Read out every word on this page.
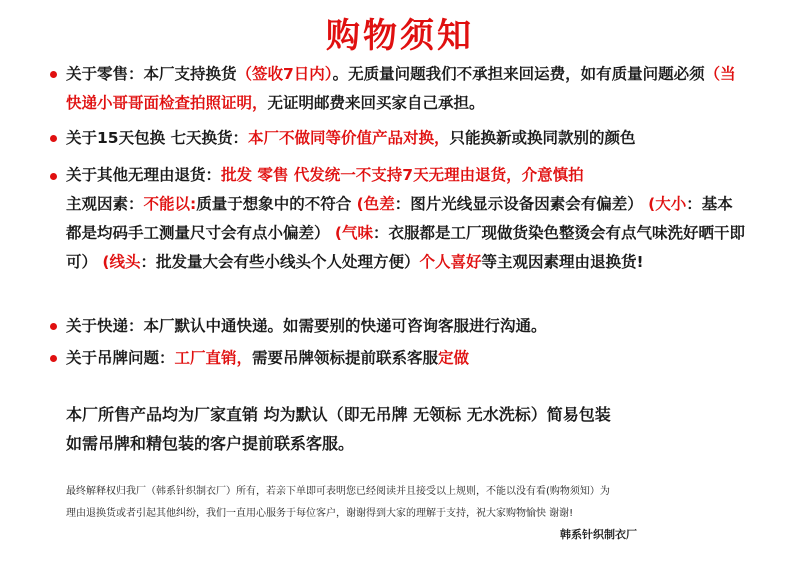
购物须知
关于零售：本厂支持换货（签收7日内）。无质量问题我们不承担来回运费，如有质量问题必须（当快递小哥哥面检查拍照证明，无证明邮费来回买家自己承担。
关于15天包换 七天换货：本厂不做同等价值产品对换，只能换新或换同款别的颜色
关于其他无理由退货：批发 零售 代发统一不支持7天无理由退货，介意慎拍
主观因素：不能以:质量于想象中的不符合 (色差：图片光线显示设备因素会有偏差） (大小：基本都是均码手工测量尺寸会有点小偏差） (气味：衣服都是工厂现做货染色整烫会有点气味洗好晒干即可） (线头：批发量大会有些小线头个人处理方便）个人喜好等主观因素理由退换货!
关于快递：本厂默认中通快递。如需要别的快递可咨询客服进行沟通。
关于吊牌问题：工厂直销，需要吊牌领标提前联系客服定做
本厂所售产品均为厂家直销 均为默认（即无吊牌 无领标 无水洗标）简易包装
如需吊牌和精包装的客户提前联系客服。
最终解释权归我厂（韩系针织制衣厂）所有，若亲下单即可表明您已经阅读并且接受以上规则，不能以没有看(购物须知）为
理由退换货或者引起其他纠纷，我们一直用心服务于每位客户，谢谢得到大家的理解于支持，祝大家购物愉快 谢谢!
韩系针织制衣厂
